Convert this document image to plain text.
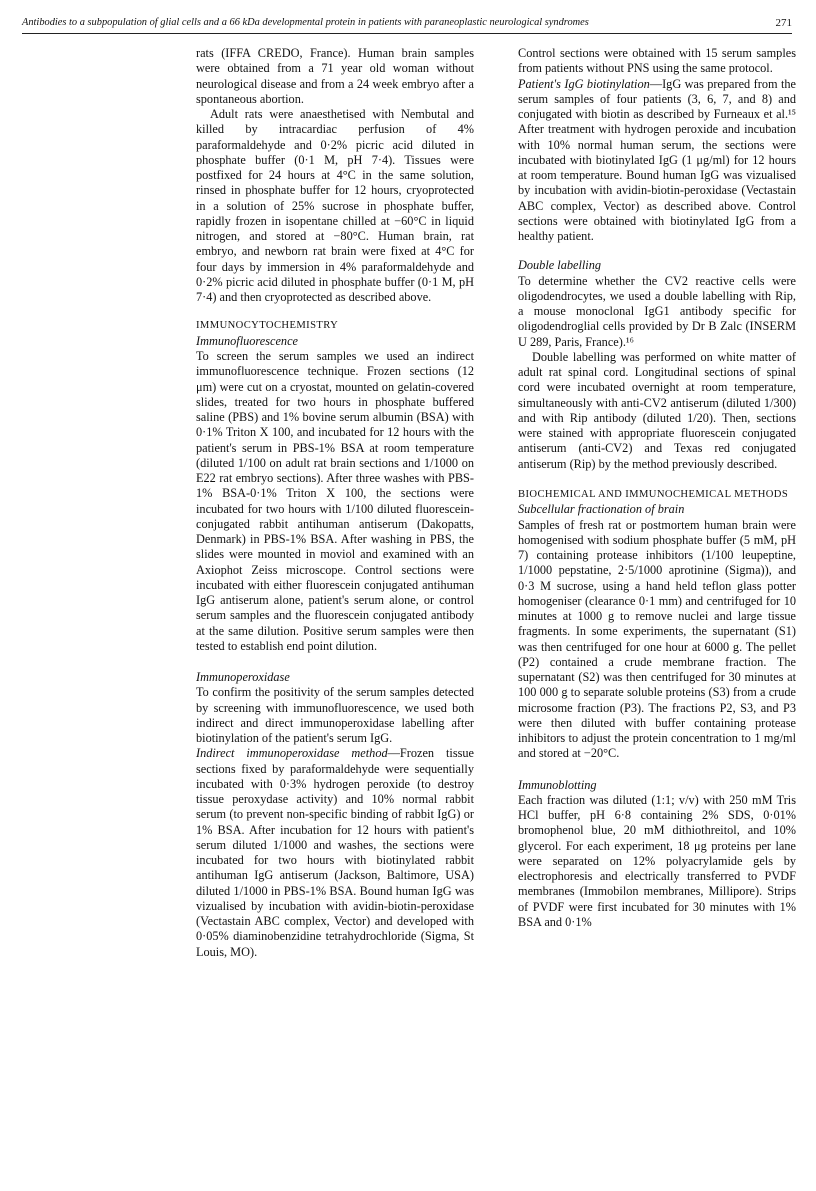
Antibodies to a subpopulation of glial cells and a 66 kDa developmental protein in patients with paraneoplastic neurological syndromes	271

rats (IFFA CREDO, France). Human brain samples were obtained from a 71 year old woman without neurological disease and from a 24 week embryo after a spontaneous abortion.

Adult rats were anaesthetised with Nembutal and killed by intracardiac perfusion of 4% paraformaldehyde and 0·2% picric acid diluted in phosphate buffer (0·1 M, pH 7·4). Tissues were postfixed for 24 hours at 4°C in the same solution, rinsed in phosphate buffer for 12 hours, cryoprotected in a solution of 25% sucrose in phosphate buffer, rapidly frozen in isopentane chilled at −60°C in liquid nitrogen, and stored at −80°C. Human brain, rat embryo, and newborn rat brain were fixed at 4°C for four days by immersion in 4% paraformaldehyde and 0·2% picric acid diluted in phosphate buffer (0·1 M, pH 7·4) and then cryoprotected as described above.

IMMUNOCYTOCHEMISTRY
Immunofluorescence

To screen the serum samples we used an indirect immunofluorescence technique. Frozen sections (12 μm) were cut on a cryostat, mounted on gelatin-covered slides, treated for two hours in phosphate buffered saline (PBS) and 1% bovine serum albumin (BSA) with 0·1% Triton X 100, and incubated for 12 hours with the patient's serum in PBS-1% BSA at room temperature (diluted 1/100 on adult rat brain sections and 1/1000 on E22 rat embryo sections). After three washes with PBS-1% BSA-0·1% Triton X 100, the sections were incubated for two hours with 1/100 diluted fluorescein-conjugated rabbit antihuman antiserum (Dakopatts, Denmark) in PBS-1% BSA. After washing in PBS, the slides were mounted in moviol and examined with an Axiophot Zeiss microscope. Control sections were incubated with either fluorescein conjugated antihuman IgG antiserum alone, patient's serum alone, or control serum samples and the fluorescein conjugated antibody at the same dilution. Positive serum samples were then tested to establish end point dilution.

Immunoperoxidase

To confirm the positivity of the serum samples detected by screening with immunofluorescence, we used both indirect and direct immunoperoxidase labelling after biotinylation of the patient's serum IgG.

Indirect immunoperoxidase method—Frozen tissue sections fixed by paraformaldehyde were sequentially incubated with 0·3% hydrogen peroxide (to destroy tissue peroxydase activity) and 10% normal rabbit serum (to prevent non-specific binding of rabbit IgG) or 1% BSA. After incubation for 12 hours with patient's serum diluted 1/1000 and washes, the sections were incubated for two hours with biotinylated rabbit antihuman IgG antiserum (Jackson, Baltimore, USA) diluted 1/1000 in PBS-1% BSA. Bound human IgG was vizualised by incubation with avidin-biotin-peroxidase (Vectastain ABC complex, Vector) and developed with 0·05% diaminobenzidine tetrahydrochloride (Sigma, St Louis, MO).

Control sections were obtained with 15 serum samples from patients without PNS using the same protocol.

Patient's IgG biotinylation—IgG was prepared from the serum samples of four patients (3, 6, 7, and 8) and conjugated with biotin as described by Furneaux et al.¹⁵ After treatment with hydrogen peroxide and incubation with 10% normal human serum, the sections were incubated with biotinylated IgG (1 μg/ml) for 12 hours at room temperature. Bound human IgG was vizualised by incubation with avidin-biotin-peroxidase (Vectastain ABC complex, Vector) as described above. Control sections were obtained with biotinylated IgG from a healthy patient.

Double labelling

To determine whether the CV2 reactive cells were oligodendrocytes, we used a double labelling with Rip, a mouse monoclonal IgG1 antibody specific for oligodendroglial cells provided by Dr B Zalc (INSERM U 289, Paris, France).¹⁶

Double labelling was performed on white matter of adult rat spinal cord. Longitudinal sections of spinal cord were incubated overnight at room temperature, simultaneously with anti-CV2 antiserum (diluted 1/300) and with Rip antibody (diluted 1/20). Then, sections were stained with appropriate fluorescein conjugated antiserum (anti-CV2) and Texas red conjugated antiserum (Rip) by the method previously described.

BIOCHEMICAL AND IMMUNOCHEMICAL METHODS
Subcellular fractionation of brain

Samples of fresh rat or postmortem human brain were homogenised with sodium phosphate buffer (5 mM, pH 7) containing protease inhibitors (1/100 leupeptine, 1/1000 pepstatine, 2·5/1000 aprotinine (Sigma)), and 0·3 M sucrose, using a hand held teflon glass potter homogeniser (clearance 0·1 mm) and centrifuged for 10 minutes at 1000 g to remove nuclei and large tissue fragments. In some experiments, the supernatant (S1) was then centrifuged for one hour at 6000 g. The pellet (P2) contained a crude membrane fraction. The supernatant (S2) was then centrifuged for 30 minutes at 100 000 g to separate soluble proteins (S3) from a crude microsome fraction (P3). The fractions P2, S3, and P3 were then diluted with buffer containing protease inhibitors to adjust the protein concentration to 1 mg/ml and stored at −20°C.

Immunoblotting

Each fraction was diluted (1:1; v/v) with 250 mM Tris HCl buffer, pH 6·8 containing 2% SDS, 0·01% bromophenol blue, 20 mM dithiothreitol, and 10% glycerol. For each experiment, 18 μg proteins per lane were separated on 12% polyacrylamide gels by electrophoresis and electrically transferred to PVDF membranes (Immobilon membranes, Millipore). Strips of PVDF were first incubated for 30 minutes with 1% BSA and 0·1%
